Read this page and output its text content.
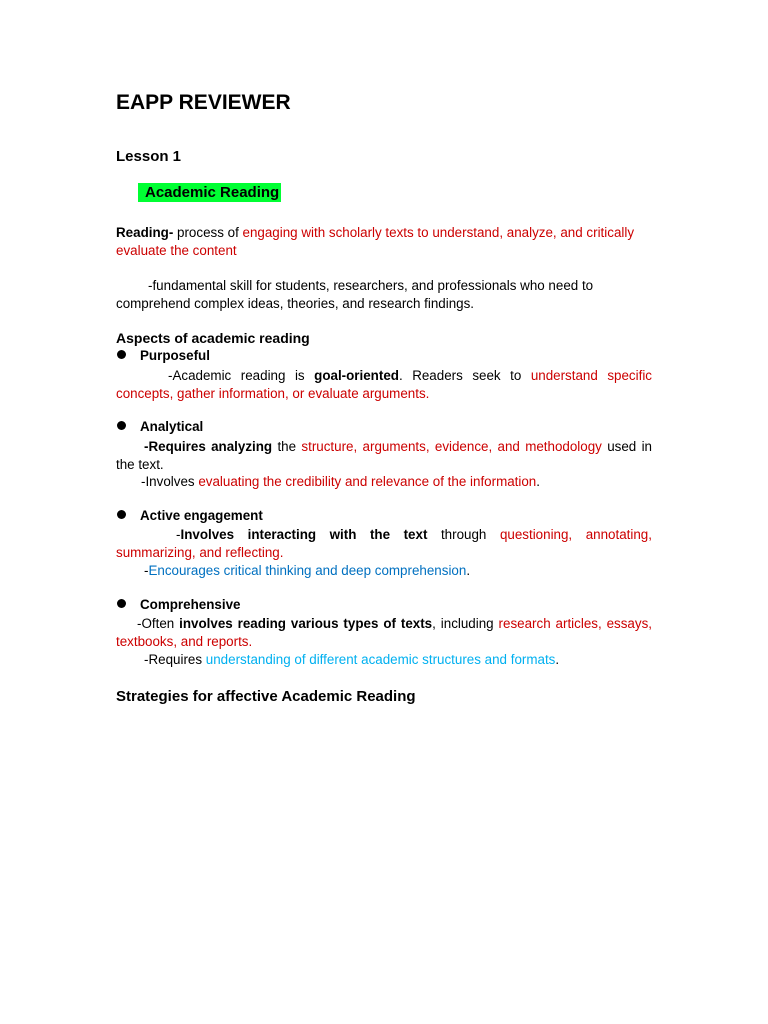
EAPP REVIEWER
Lesson 1
Academic Reading
Reading- process of engaging with scholarly texts to understand, analyze, and critically evaluate the content
-fundamental skill for students, researchers, and professionals who need to comprehend complex ideas, theories, and research findings.
Aspects of academic reading
Purposeful
-Academic reading is goal-oriented. Readers seek to understand specific concepts, gather information, or evaluate arguments.
Analytical
-Requires analyzing the structure, arguments, evidence, and methodology used in the text.
-Involves evaluating the credibility and relevance of the information.
Active engagement
-Involves interacting with the text through questioning, annotating, summarizing, and reflecting.
-Encourages critical thinking and deep comprehension.
Comprehensive
-Often involves reading various types of texts, including research articles, essays, textbooks, and reports.
-Requires understanding of different academic structures and formats.
Strategies for affective Academic Reading
